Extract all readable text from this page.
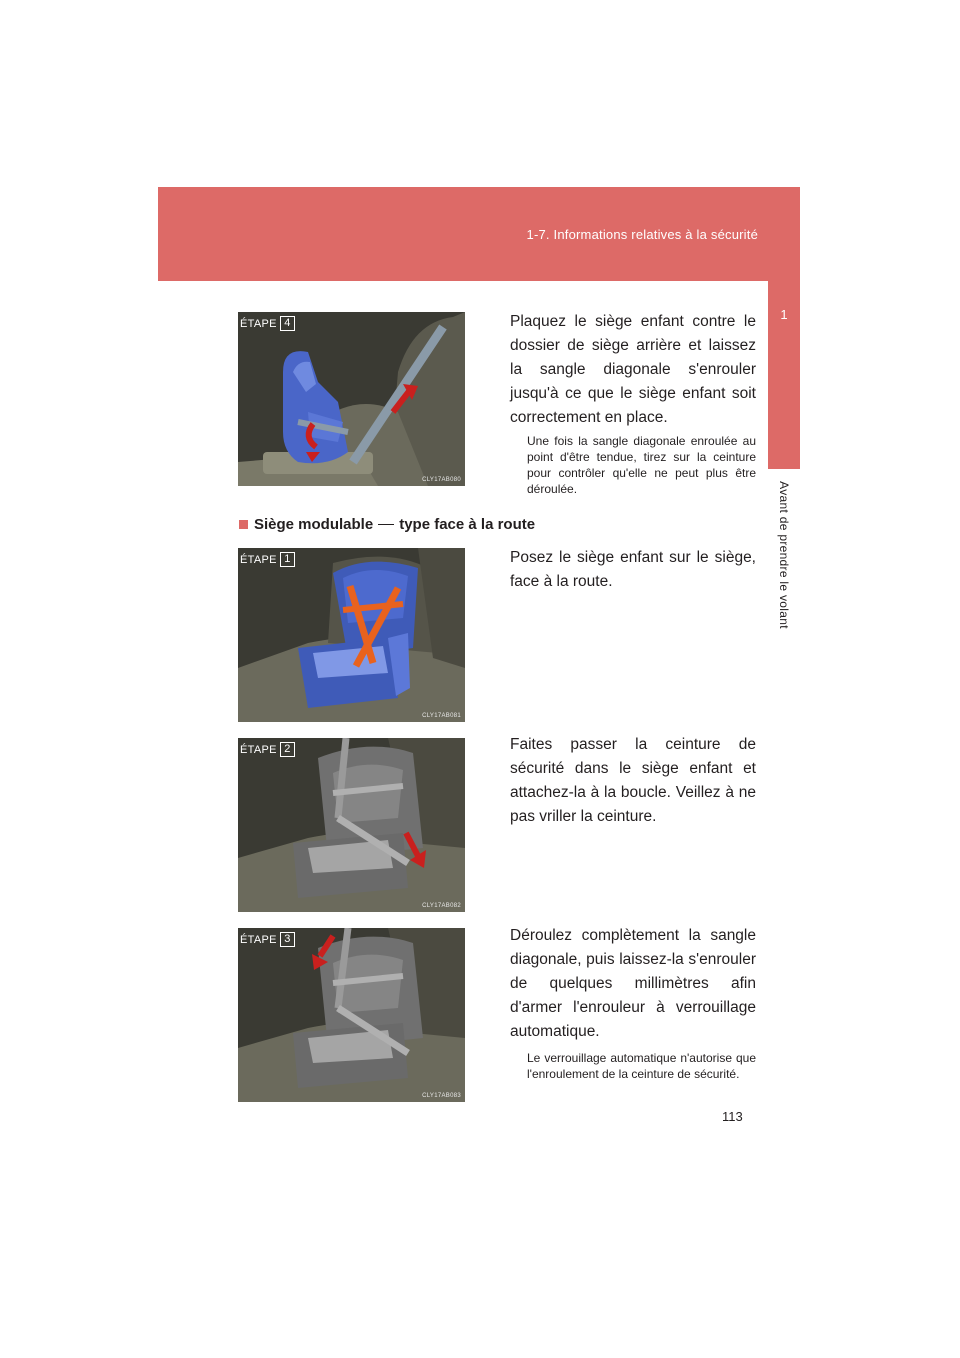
1-7. Informations relatives à la sécurité
1
Avant de prendre le volant
ÉTAPE 4
CLY17AB080
Plaquez le siège enfant contre le dossier de siège arrière et laissez la sangle diagonale s'enrouler jusqu'à ce que le siège enfant soit correctement en place.
Une fois la sangle diagonale enroulée au point d'être tendue, tirez sur la ceinture pour contrôler qu'elle ne peut plus être déroulée.
Siège modulable type face à la route
ÉTAPE 1
CLY17AB081
Posez le siège enfant sur le siège, face à la route.
ÉTAPE 2
CLY17AB082
Faites passer la ceinture de sécurité dans le siège enfant et attachez-la à la boucle. Veillez à ne pas vriller la ceinture.
ÉTAPE 3
CLY17AB083
Déroulez complètement la sangle diagonale, puis laissez-la s'enrouler de quelques millimètres afin d'armer l'enrouleur à verrouillage automatique.
Le verrouillage automatique n'autorise que l'enroulement de la ceinture de sécurité.
113
